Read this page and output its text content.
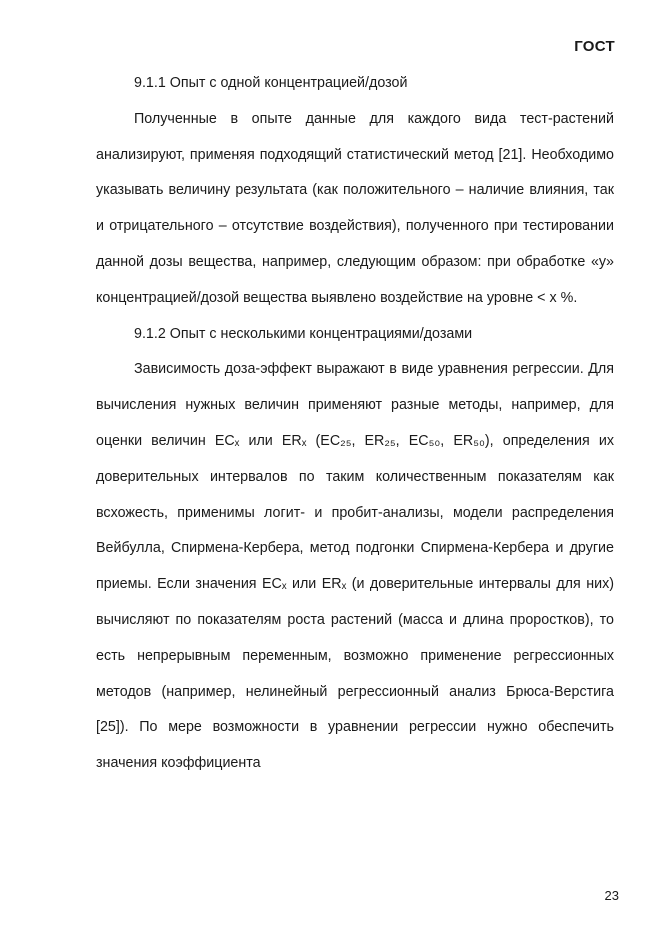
ГОСТ

9.1.1 Опыт с одной концентрацией/дозой

Полученные в опыте данные для каждого вида тест-растений анализируют, применяя подходящий статистический метод [21]. Необходимо указывать величину результата (как положительного – наличие влияния, так и отрицательного – отсутствие воздействия), полученного при тестировании данной дозы вещества, например, следующим образом: при обработке «y» концентрацией/дозой вещества выявлено воздействие на уровне < x %.

9.1.2 Опыт с несколькими концентрациями/дозами

Зависимость доза-эффект выражают в виде уравнения регрессии. Для вычисления нужных величин применяют разные методы, например, для оценки величин ECₓ или ERₓ (EC₂₅, ER₂₅, EC₅₀, ER₅₀), определения их доверительных интервалов по таким количественным показателям как всхожесть, применимы логит- и пробит-анализы, модели распределения Вейбулла, Спирмена-Кербера, метод подгонки Спирмена-Кербера и другие приемы. Если значения ECₓ или ERₓ (и доверительные интервалы для них) вычисляют по показателям роста растений (масса и длина проростков), то есть непрерывным переменным, возможно применение регрессионных методов (например, нелинейный регрессионный анализ Брюса-Верстига [25]). По мере возможности в уравнении регрессии нужно обеспечить значения коэффициента

23
